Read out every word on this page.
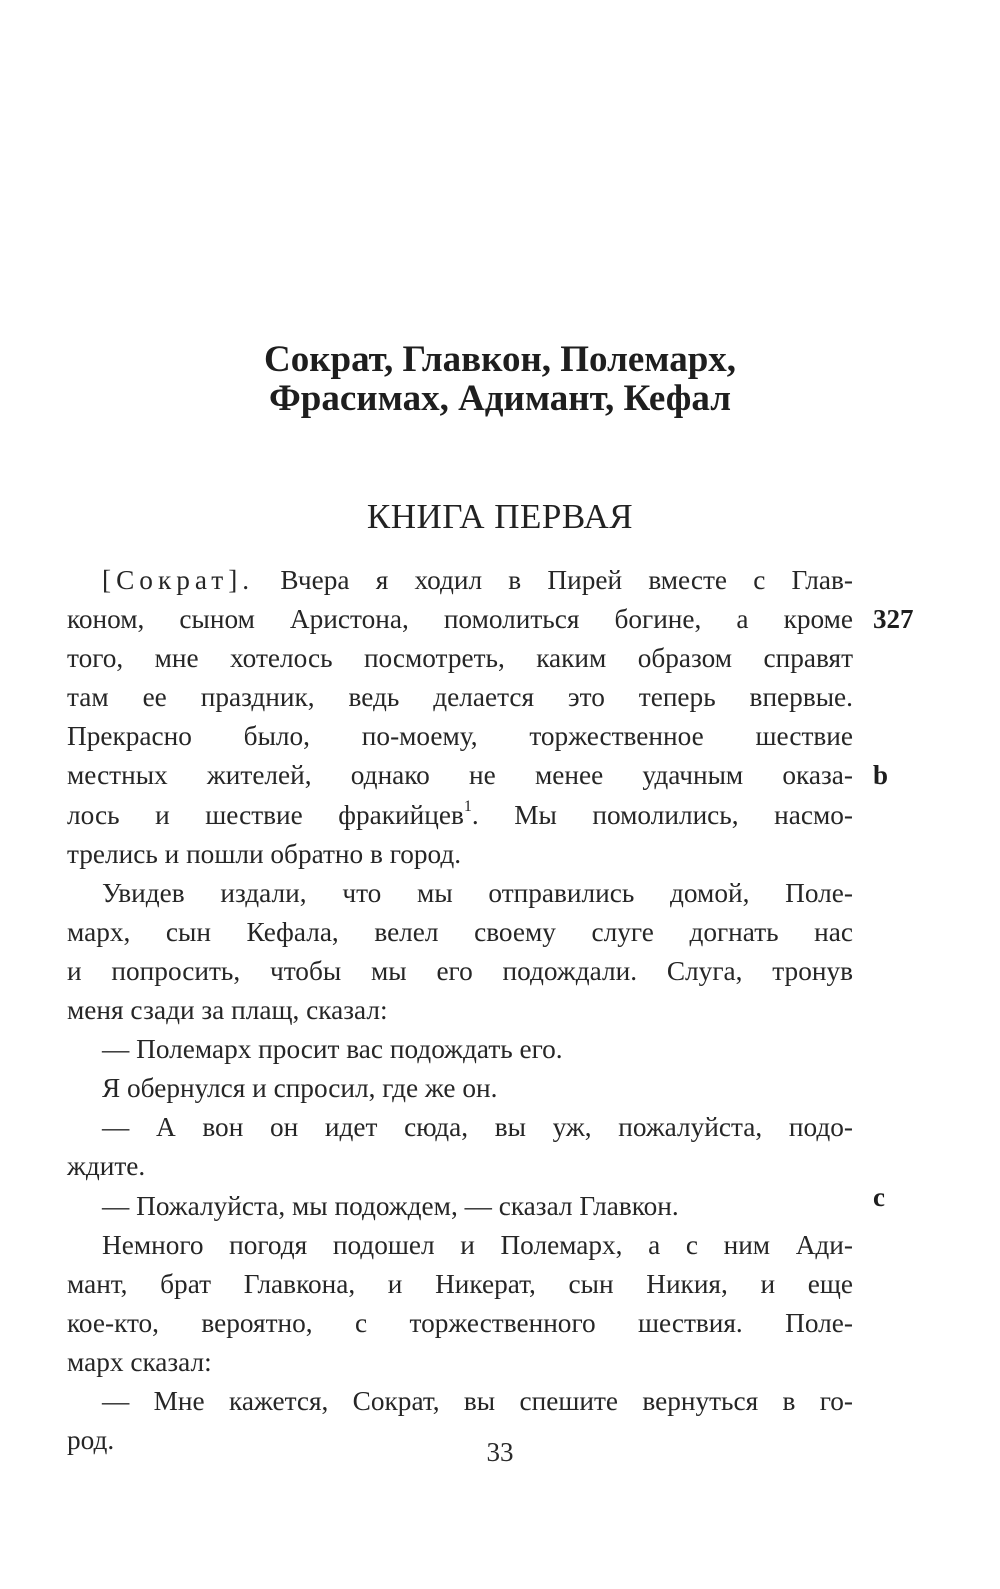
Сократ, Главкон, Полемарх,
Фрасимах, Адимант, Кефал
КНИГА ПЕРВАЯ
[Сократ]. Вчера я ходил в Пирей вместе с Глав-
коном, сыном Аристона, помолиться богине, а кроме
того, мне хотелось посмотреть, каким образом справят
там ее праздник, ведь делается это теперь впервые.
Прекрасно было, по-моему, торжественное шествие
местных жителей, однако не менее удачным оказа-
лось и шествие фракийцев$^1$. Мы помолились, насмо-
трелись и пошли обратно в город.
Увидев издали, что мы отправились домой, Поле-
марх, сын Кефала, велел своему слуге догнать нас
и попросить, чтобы мы его подождали. Слуга, тронув
меня сзади за плащ, сказал:
— Полемарх просит вас подождать его.
Я обернулся и спросил, где же он.
— А вон он идет сюда, вы уж, пожалуйста, подо-
ждите.
— Пожалуйста, мы подождем, — сказал Главкон.
Немного погодя подошел и Полемарх, а с ним Ади-
мант, брат Главкона, и Никерат, сын Никия, и еще
кое-кто, вероятно, с торжественного шествия. Поле-
марх сказал:
— Мне кажется, Сократ, вы спешите вернуться в го-
род.
327
b
c
33
